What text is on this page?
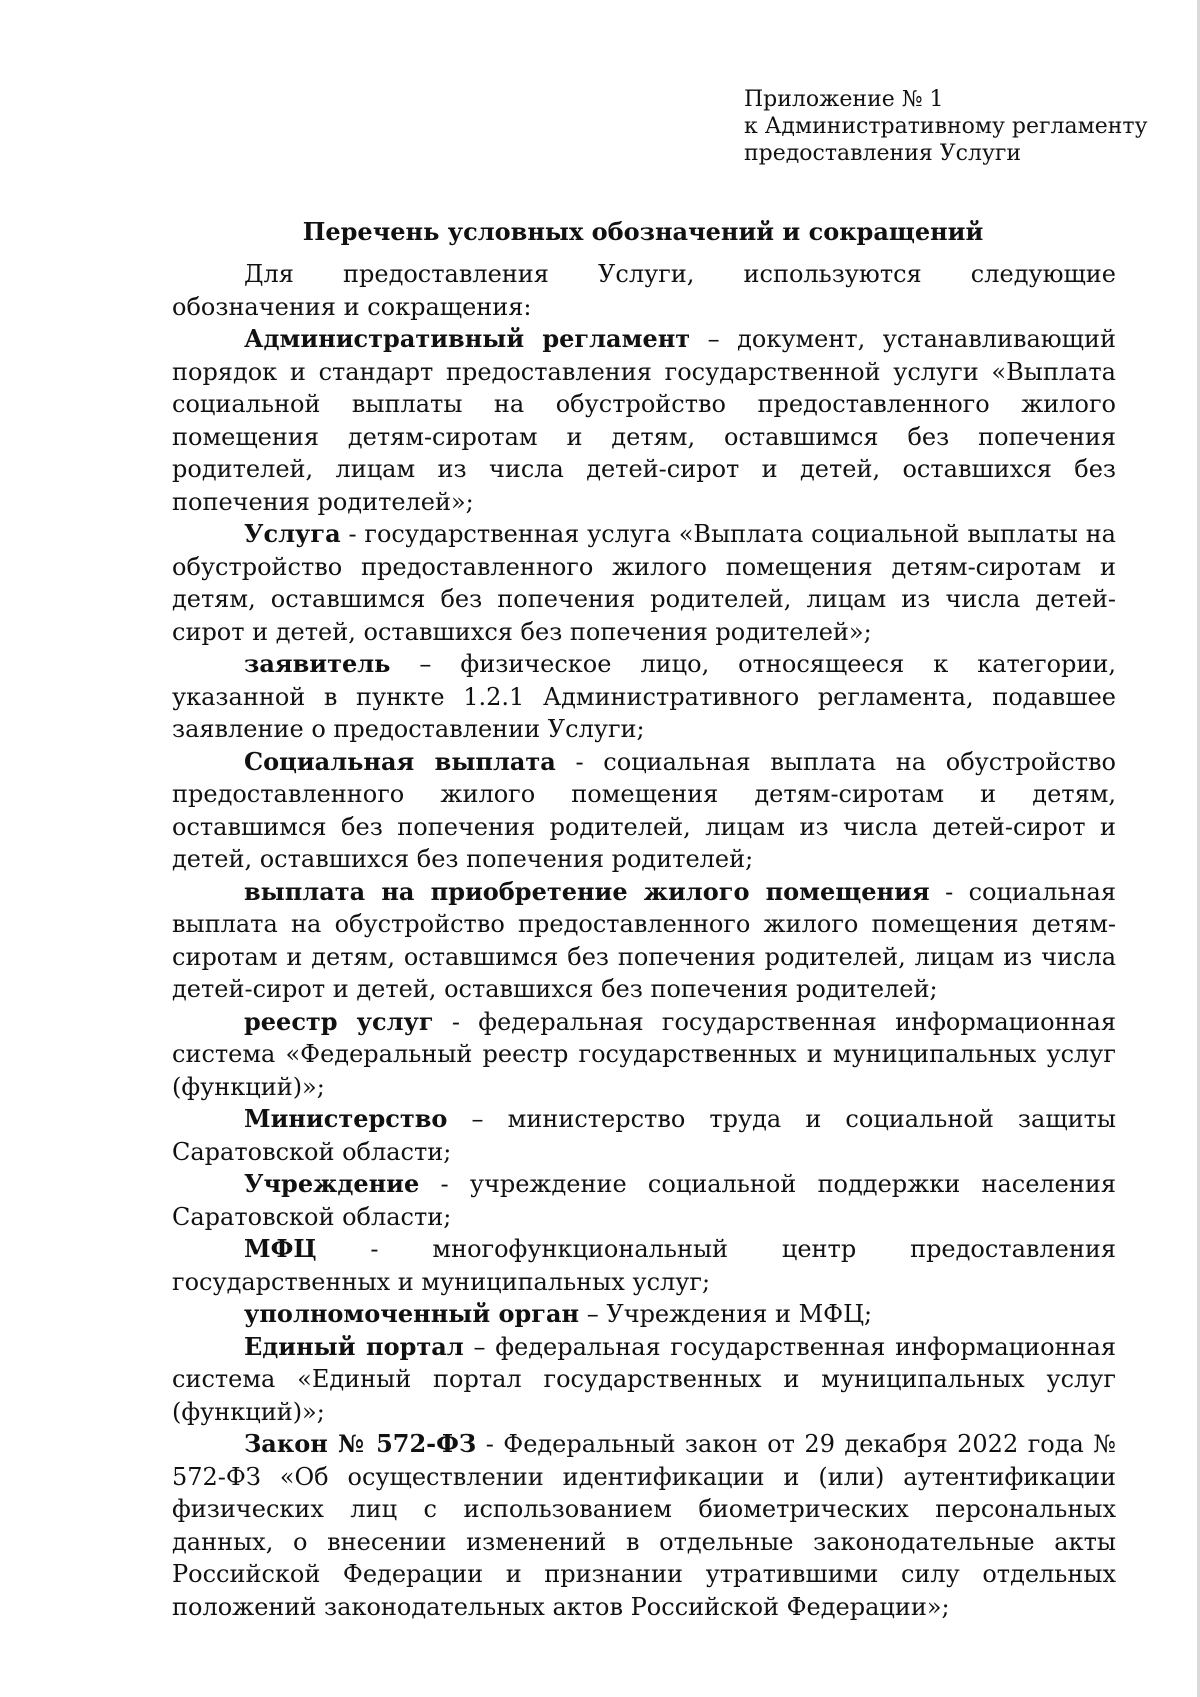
Приложение № 1
к Административному регламенту
предоставления Услуги
Перечень условных обозначений и сокращений

Для предоставления Услуги, используются следующие обозначения и сокращения:

Административный регламент – документ, устанавливающий порядок и стандарт предоставления государственной услуги «Выплата социальной выплаты на обустройство предоставленного жилого помещения детям-сиротам и детям, оставшимся без попечения родителей, лицам из числа детей-сирот и детей, оставшихся без попечения родителей»;

Услуга - государственная услуга «Выплата социальной выплаты на обустройство предоставленного жилого помещения детям-сиротам и детям, оставшимся без попечения родителей, лицам из числа детей-сирот и детей, оставшихся без попечения родителей»;

заявитель – физическое лицо, относящееся к категории, указанной в пункте 1.2.1 Административного регламента, подавшее заявление о предоставлении Услуги;

Социальная выплата - социальная выплата на обустройство предоставленного жилого помещения детям-сиротам и детям, оставшимся без попечения родителей, лицам из числа детей-сирот и детей, оставшихся без попечения родителей;

выплата на приобретение жилого помещения - социальная выплата на обустройство предоставленного жилого помещения детям-сиротам и детям, оставшимся без попечения родителей, лицам из числа детей-сирот и детей, оставшихся без попечения родителей;

реестр услуг - федеральная государственная информационная система «Федеральный реестр государственных и муниципальных услуг (функций)»;

Министерство – министерство труда и социальной защиты Саратовской области;

Учреждение - учреждение социальной поддержки населения Саратовской области;

МФЦ - многофункциональный центр предоставления государственных и муниципальных услуг;

уполномоченный орган – Учреждения и МФЦ;

Единый портал – федеральная государственная информационная система «Единый портал государственных и муниципальных услуг (функций)»;

Закон № 572-ФЗ - Федеральный закон от 29 декабря 2022 года № 572-ФЗ «Об осуществлении идентификации и (или) аутентификации физических лиц с использованием биометрических персональных данных, о внесении изменений в отдельные законодательные акты Российской Федерации и признании утратившими силу отдельных положений законодательных актов Российской Федерации»;
